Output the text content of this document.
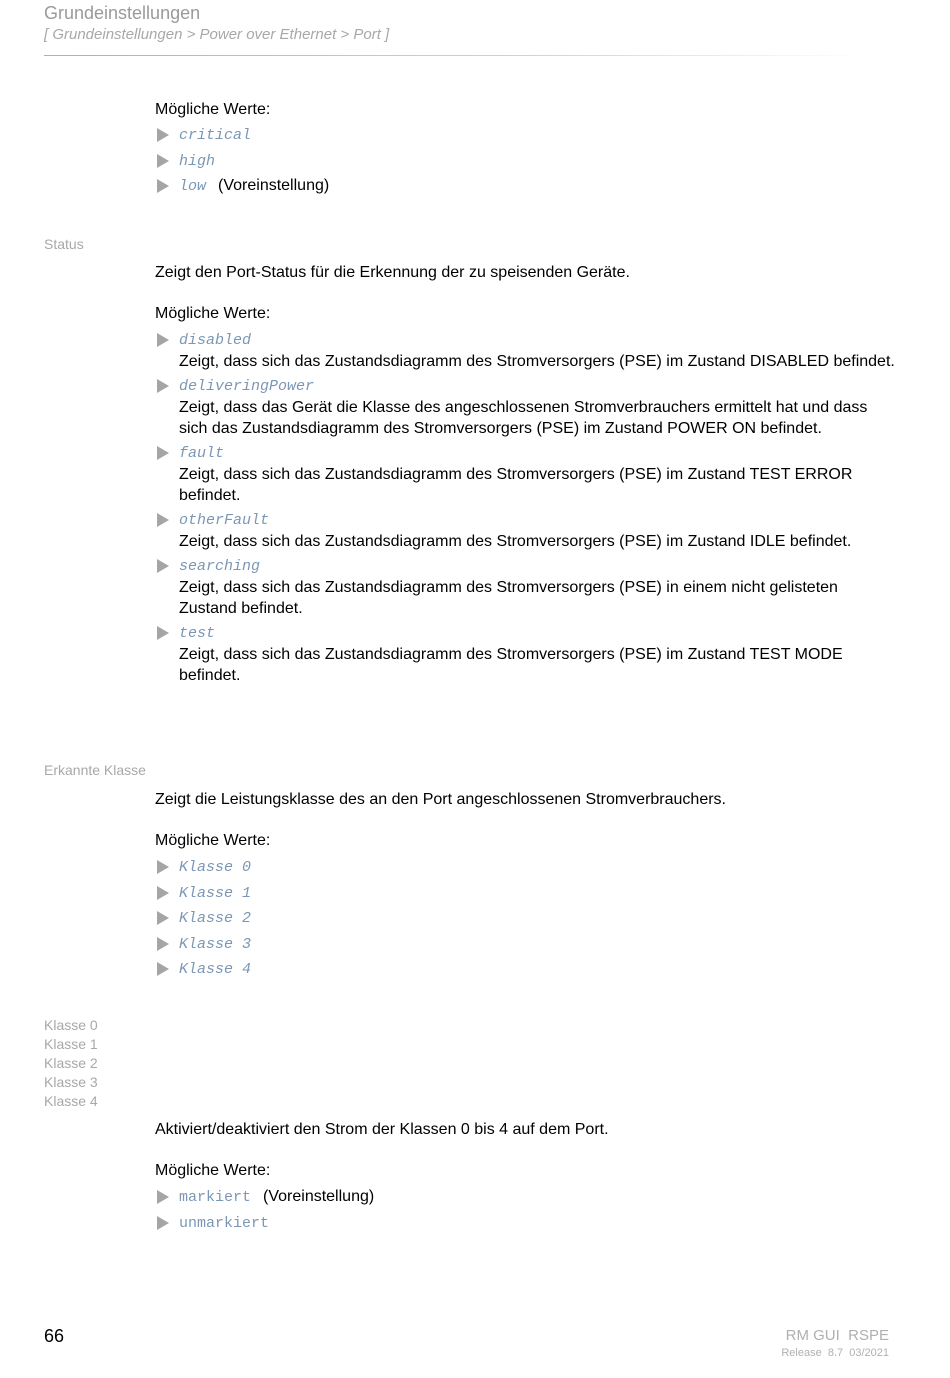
Grundeinstellungen
[ Grundeinstellungen > Power over Ethernet > Port ]

Mögliche Werte:

critical
high
low (Voreinstellung)
Status

Zeigt den Port-Status für die Erkennung der zu speisenden Geräte.

Mögliche Werte:

disabled
Zeigt, dass sich das Zustandsdiagramm des Stromversorgers (PSE) im Zustand DISABLED befindet.
deliveringPower
Zeigt, dass das Gerät die Klasse des angeschlossenen Stromverbrauchers ermittelt hat und dass sich das Zustandsdiagramm des Stromversorgers (PSE) im Zustand POWER ON befindet.
fault
Zeigt, dass sich das Zustandsdiagramm des Stromversorgers (PSE) im Zustand TEST ERROR befindet.
otherFault
Zeigt, dass sich das Zustandsdiagramm des Stromversorgers (PSE) im Zustand IDLE befindet.
searching
Zeigt, dass sich das Zustandsdiagramm des Stromversorgers (PSE) in einem nicht gelisteten Zustand befindet.
test
Zeigt, dass sich das Zustandsdiagramm des Stromversorgers (PSE) im Zustand TEST MODE befindet.
Erkannte Klasse

Zeigt die Leistungsklasse des an den Port angeschlossenen Stromverbrauchers.

Mögliche Werte:

Klasse 0
Klasse 1
Klasse 2
Klasse 3
Klasse 4
Klasse 0
Klasse 1
Klasse 2
Klasse 3
Klasse 4

Aktiviert/deaktiviert den Strom der Klassen 0 bis 4 auf dem Port.

Mögliche Werte:

markiert (Voreinstellung)
unmarkiert
66	RM GUI  RSPE
Release  8.7  03/2021
